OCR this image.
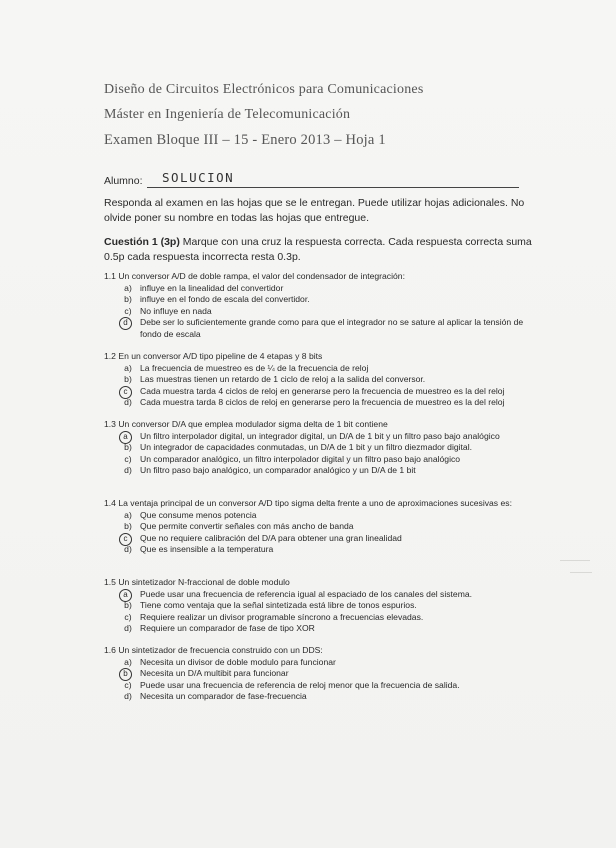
Diseño de Circuitos Electrónicos para Comunicaciones
Máster en Ingeniería de Telecomunicación
Examen Bloque III – 15 - Enero 2013 – Hoja 1
Alumno: SOLUCION
Responda al examen en las hojas que se le entregan. Puede utilizar hojas adicionales. No olvide poner su nombre en todas las hojas que entregue.
Cuestión 1 (3p) Marque con una cruz la respuesta correcta. Cada respuesta correcta suma 0.5p cada respuesta incorrecta resta 0.3p.
1.1 Un conversor A/D de doble rampa, el valor del condensador de integración:
a) influye en la linealidad del convertidor
b) influye en el fondo de escala del convertidor.
c) No influye en nada
d	Debe ser lo suficientemente grande como para que el integrador no se sature al aplicar la tensión de fondo de escala
1.2 En un conversor A/D tipo pipeline de 4 etapas y 8 bits
a) La frecuencia de muestreo es de ¼ de la frecuencia de reloj
b) Las muestras tienen un retardo de 1 ciclo de reloj a la salida del conversor.
c	Cada muestra tarda 4 ciclos de reloj en generarse pero la frecuencia de muestreo es la del reloj
d) Cada muestra tarda 8 ciclos de reloj en generarse pero la frecuencia de muestreo es la del reloj
1.3 Un conversor D/A que emplea modulador sigma delta de 1 bit contiene
a	Un filtro interpolador digital, un integrador digital, un D/A de 1 bit y un filtro paso bajo analógico
b) Un integrador de capacidades conmutadas, un D/A de 1 bit y un filtro diezmador digital.
c) Un comparador analógico, un filtro interpolador digital y un filtro paso bajo analógico
d) Un filtro paso bajo analógico, un comparador analógico y un D/A de 1 bit
1.4 La ventaja principal de un conversor A/D tipo sigma delta frente a uno de aproximaciones sucesivas es:
a) Que consume menos potencia
b) Que permite convertir señales con más ancho de banda
c	Que no requiere calibración del D/A para obtener una gran linealidad
d) Que es insensible a la temperatura
1.5 Un sintetizador N-fraccional de doble modulo
a	Puede usar una frecuencia de referencia igual al espaciado de los canales del sistema.
b) Tiene como ventaja que la señal sintetizada está libre de tonos espurios.
c) Requiere realizar un divisor programable síncrono a frecuencias elevadas.
d) Requiere un comparador de fase de tipo XOR
1.6 Un sintetizador de frecuencia construido con un DDS:
a) Necesita un divisor de doble modulo para funcionar
b	Necesita un D/A multibit para funcionar
c) Puede usar una frecuencia de referencia de reloj menor que la frecuencia de salida.
d) Necesita un comparador de fase-frecuencia
